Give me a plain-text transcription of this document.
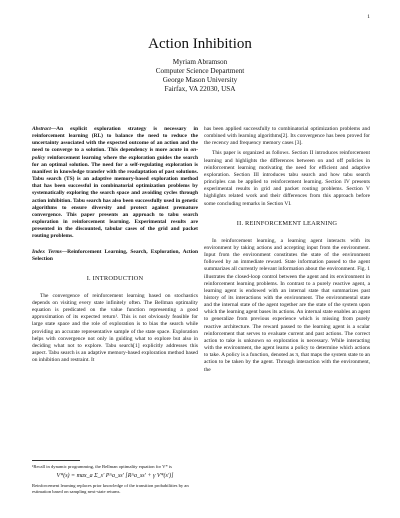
1
Action Inhibition
Myriam Abramson
Computer Science Department
George Mason University
Fairfax, VA 22030, USA

Abstract—An explicit exploration strategy is necessary in reinforcement learning (RL) to balance the need to reduce the uncertainty associated with the expected outcome of an action and the need to converge to a solution. This dependency is more acute in on-policy reinforcement learning where the exploration guides the search for an optimal solution. The need for a self-regulating exploration is manifest in knowledge transfer with the readaptation of past solutions. Tabu search (TS) is an adaptive memory-based exploration method that has been successful in combinatorial optimization problems by systematically exploring the search space and avoiding cycles through action inhibition. Tabu search has also been successfully used in genetic algorithms to ensure diversity and protect against premature convergence. This paper presents an approach to tabu search exploration in reinforcement learning. Experimental results are presented in the discounted, tabular cases of the grid and packet routing problems.

Index Terms—Reinforcement Learning, Search, Exploration, Action Selection

I. INTRODUCTION

The convergence of reinforcement learning based on stochastics depends on visiting every state infinitely often. The Bellman optimality equation is predicated on the value function representing a good approximation of its expected return¹. This is not obviously feasible for large state space and the role of exploration is to bias the search while providing an accurate representative sample of the state space. Exploration helps with convergence not only in guiding what to explore but also in deciding what not to explore. Tabu search[1] explicitly addresses this aspect. Tabu search is an adaptive memory-based exploration method based on inhibition and restraint. It

¹Recall in dynamic programming, the Bellman optimality equation for V* is
V*(s) = max_a Σ_s' P^a_ss' [R^a_ss' + γ V*(s')]
Reinforcement learning replaces prior knowledge of the transition probabilities by an estimation based on sampling next-state returns.

has been applied successfully to combinatorial optimization problems and combined with learning algorithms[2]. Its convergence has been proved for the recency and frequency memory cases [3].

This paper is organized as follows. Section II introduces reinforcement learning and highlights the differences between on and off policies in reinforcement learning motivating the need for efficient and adaptive exploration. Section III introduces tabu search and how tabu search principles can be applied to reinforcement learning. Section IV presents experimental results in grid and packet routing problems. Section V highlights related work and their differences from this approach before some concluding remarks in Section VI.

II. REINFORCEMENT LEARNING

In reinforcement learning, a learning agent interacts with its environment by taking actions and accepting input from the environment. Input from the environment constitutes the state of the environment followed by an immediate reward. State information passed to the agent summarizes all currently relevant information about the environment. Fig. 1 illustrates the closed-loop control between the agent and its environment in reinforcement learning problems. In contrast to a purely reactive agent, a learning agent is endowed with an internal state that summarizes past history of its interactions with the environment. The environmental state and the internal state of the agent together are the state of the system upon which the learning agent bases its actions. An internal state enables an agent to generalize from previous experience which is missing from purely reactive architecture. The reward passed to the learning agent is a scalar reinforcement that serves to evaluate current and past actions. The correct action to take is unknown so exploration is necessary. While interacting with the environment, the agent learns a policy to determine which actions to take. A policy is a function, denoted as π, that maps the system state to an action to be taken by the agent. Through interaction with the environment, the
